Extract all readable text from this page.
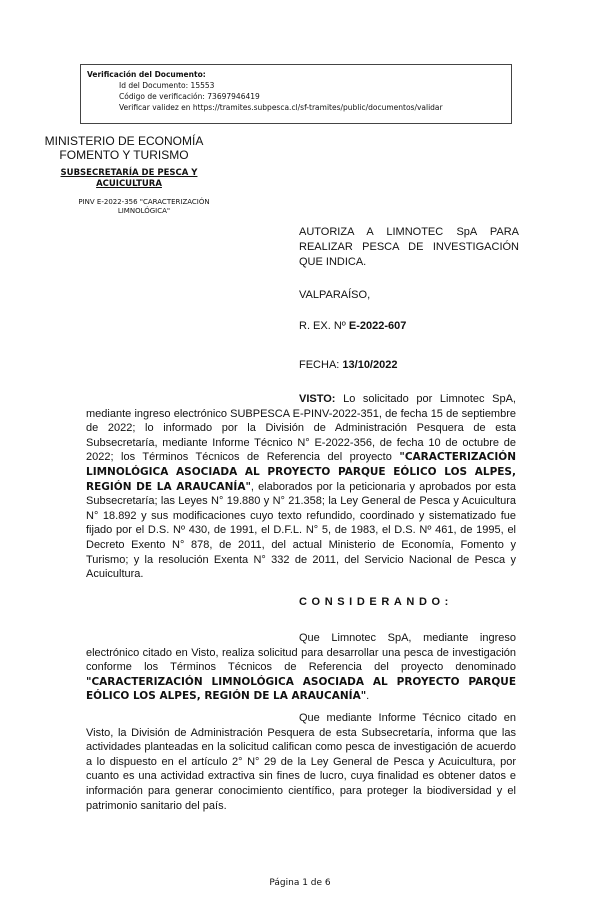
Verificación del Documento:
• Id del Documento: 15553
• Código de verificación: 73697946419
• Verificar validez en https://tramites.subpesca.cl/sf-tramites/public/documentos/validar
MINISTERIO DE ECONOMÍA
FOMENTO Y TURISMO
SUBSECRETARÍA DE PESCA Y
ACUICULTURA
PINV E-2022-356 "CARACTERIZACIÓN
LIMNOLÓGICA"
AUTORIZA A LIMNOTEC SpA PARA REALIZAR PESCA DE INVESTIGACIÓN QUE INDICA.
VALPARAÍSO,
R. EX. Nº E-2022-607
FECHA: 13/10/2022
VISTO: Lo solicitado por Limnotec SpA, mediante ingreso electrónico SUBPESCA E-PINV-2022-351, de fecha 15 de septiembre de 2022; lo informado por la División de Administración Pesquera de esta Subsecretaría, mediante Informe Técnico N° E-2022-356, de fecha 10 de octubre de 2022; los Términos Técnicos de Referencia del proyecto "CARACTERIZACIÓN LIMNOLÓGICA ASOCIADA AL PROYECTO PARQUE EÓLICO LOS ALPES, REGIÓN DE LA ARAUCANÍA", elaborados por la peticionaria y aprobados por esta Subsecretaría; las Leyes N° 19.880 y N° 21.358; la Ley General de Pesca y Acuicultura N° 18.892 y sus modificaciones cuyo texto refundido, coordinado y sistematizado fue fijado por el D.S. Nº 430, de 1991, el D.F.L. N° 5, de 1983, el D.S. Nº 461, de 1995, el Decreto Exento N° 878, de 2011, del actual Ministerio de Economía, Fomento y Turismo; y la resolución Exenta N° 332 de 2011, del Servicio Nacional de Pesca y Acuicultura.
CONSIDERANDO:
Que Limnotec SpA, mediante ingreso electrónico citado en Visto, realiza solicitud para desarrollar una pesca de investigación conforme los Términos Técnicos de Referencia del proyecto denominado "CARACTERIZACIÓN LIMNOLÓGICA ASOCIADA AL PROYECTO PARQUE EÓLICO LOS ALPES, REGIÓN DE LA ARAUCANÍA".
Que mediante Informe Técnico citado en Visto, la División de Administración Pesquera de esta Subsecretaría, informa que las actividades planteadas en la solicitud califican como pesca de investigación de acuerdo a lo dispuesto en el artículo 2° N° 29 de la Ley General de Pesca y Acuicultura, por cuanto es una actividad extractiva sin fines de lucro, cuya finalidad es obtener datos e información para generar conocimiento científico, para proteger la biodiversidad y el patrimonio sanitario del país.
Página 1 de 6
